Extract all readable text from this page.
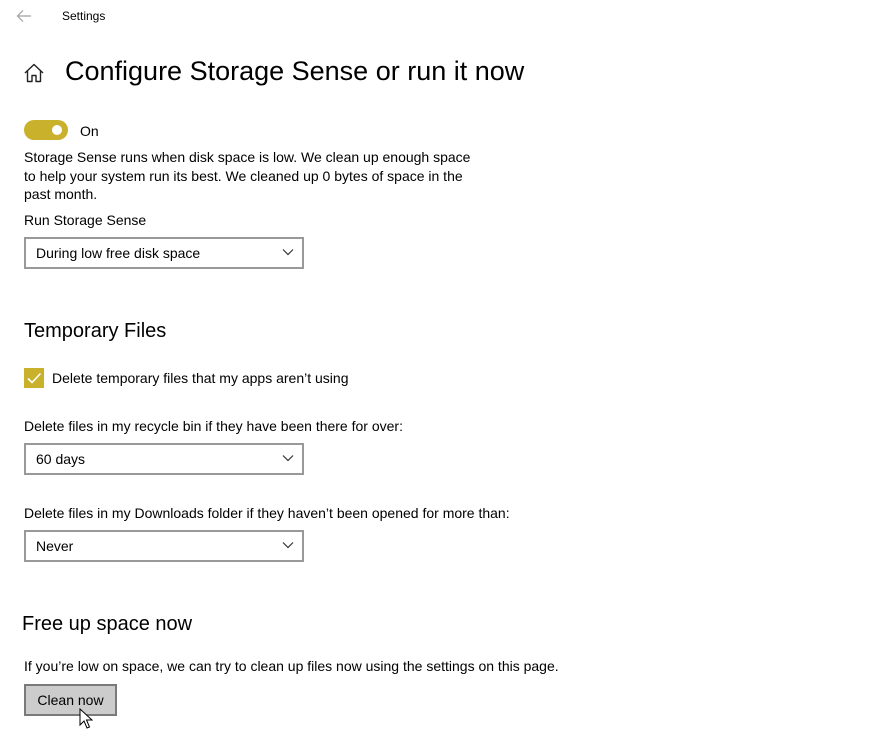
Settings
Configure Storage Sense or run it now
On
Storage Sense runs when disk space is low. We clean up enough space to help your system run its best. We cleaned up 0 bytes of space in the past month.
Run Storage Sense
During low free disk space
Temporary Files
Delete temporary files that my apps aren’t using
Delete files in my recycle bin if they have been there for over:
60 days
Delete files in my Downloads folder if they haven’t been opened for more than:
Never
Free up space now
If you’re low on space, we can try to clean up files now using the settings on this page.
Clean now
